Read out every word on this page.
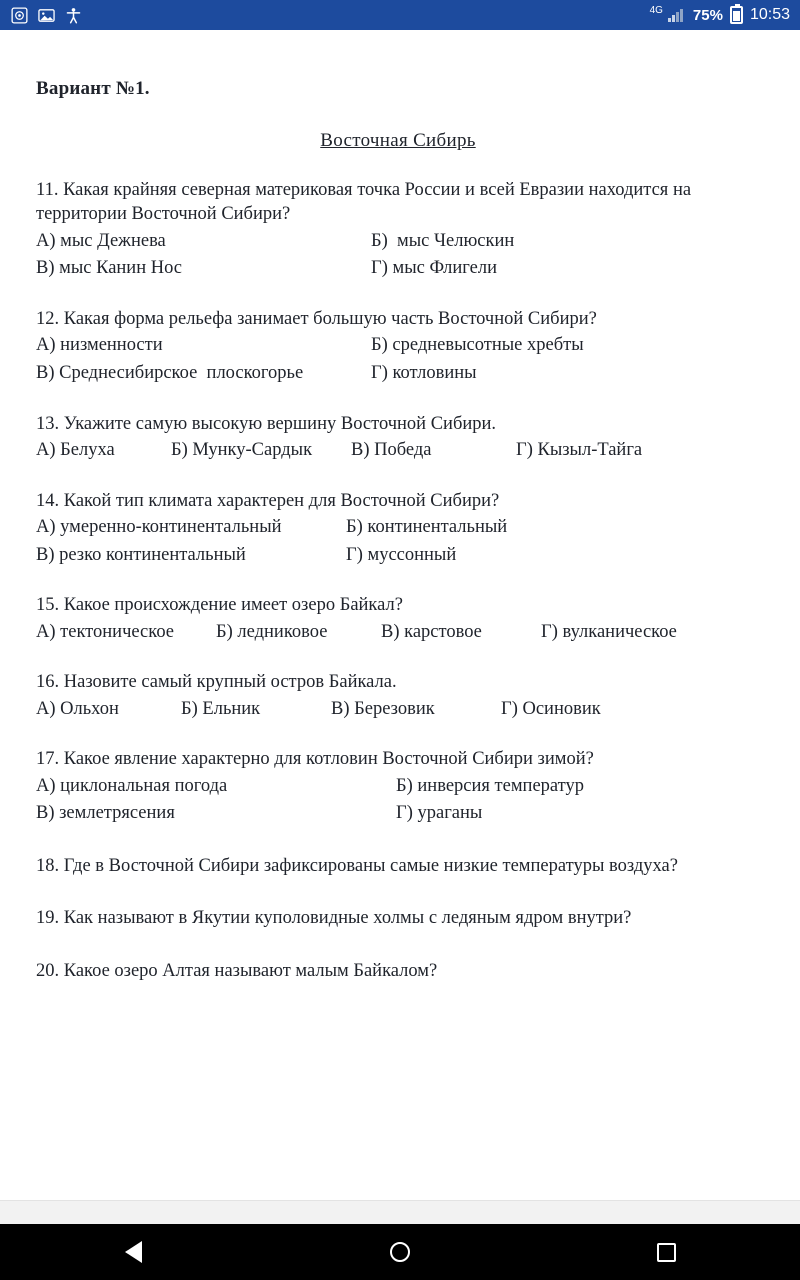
4G 75% 10:53
Вариант №1.
Восточная Сибирь
11. Какая крайняя северная материковая точка России и всей Евразии находится на территории Восточной Сибири?
А) мыс Дежнева	Б)  мыс Челюскин
В) мыс Канин Нос	Г) мыс Флигели
12. Какая форма рельефа занимает большую часть Восточной Сибири?
А) низменности	Б) средневысотные хребты
В) Среднесибирское  плоскогорье	Г) котловины
13. Укажите самую высокую вершину Восточной Сибири.
А) Белуха	Б) Мунку-Сардык	В) Победа	Г) Кызыл-Тайга
14. Какой тип климата характерен для Восточной Сибири?
А) умеренно-континентальный	Б) континентальный
В) резко континентальный	Г) муссонный
15. Какое происхождение имеет озеро Байкал?
А) тектоническое	Б) ледниковое	В) карстовое	Г) вулканическое
16. Назовите самый крупный остров Байкала.
А) Ольхон	Б) Ельник	В) Березовик	Г) Осиновик
17. Какое явление характерно для котловин Восточной Сибири зимой?
А) циклональная погода	Б) инверсия температур
В) землетрясения	Г) ураганы
18. Где в Восточной Сибири зафиксированы самые низкие температуры воздуха?
19. Как называют в Якутии куполовидные холмы с ледяным ядром внутри?
20. Какое озеро Алтая называют малым Байкалом?
